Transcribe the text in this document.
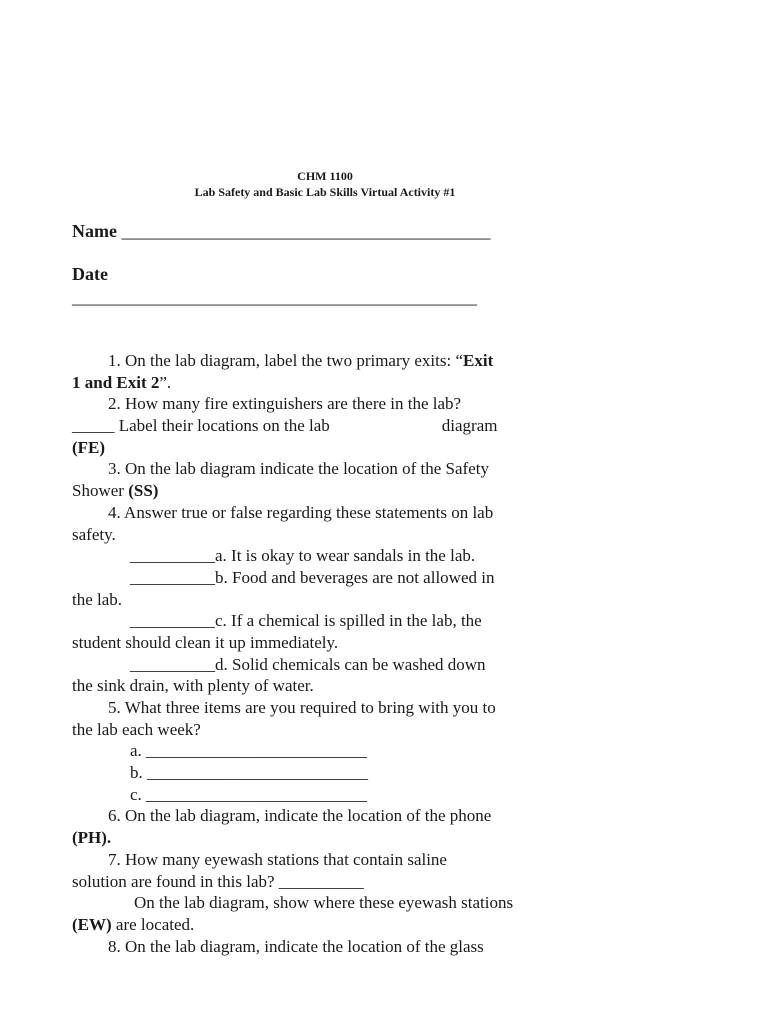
CHM 1100
Lab Safety and Basic Lab Skills Virtual Activity #1
Name _________________________________________
Date
_____________________________________________
1. On the lab diagram, label the two primary exits: “Exit
1 and Exit 2”.
2. How many fire extinguishers are there in the lab?
_____ Label their locations on the lab	diagram
(FE)
3. On the lab diagram indicate the location of the Safety
Shower (SS)
4. Answer true or false regarding these statements on lab
safety.
__________a. It is okay to wear sandals in the lab.
__________b. Food and beverages are not allowed in
the lab.
__________c. If a chemical is spilled in the lab, the
student should clean it up immediately.
__________d. Solid chemicals can be washed down
the sink drain, with plenty of water.
5. What three items are you required to bring with you to
the lab each week?
a. __________________________
b. __________________________
c. __________________________
6. On the lab diagram, indicate the location of the phone
(PH).
7. How many eyewash stations that contain saline
solution are found in this lab? __________
On the lab diagram, show where these eyewash stations
(EW) are located.
8. On the lab diagram, indicate the location of the glass
